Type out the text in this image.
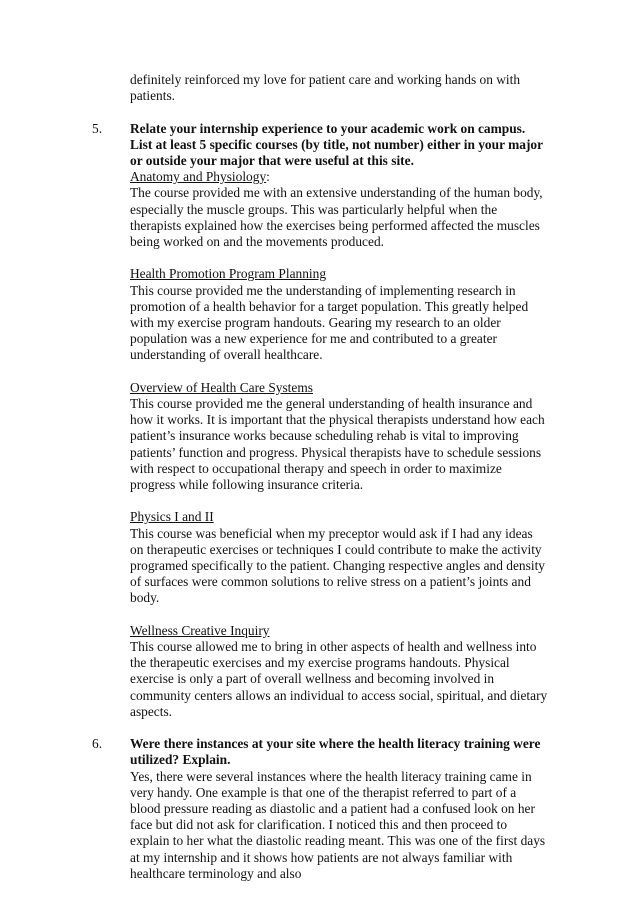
definitely reinforced my love for patient care and working hands on with patients.

5.	Relate your internship experience to your academic work on campus. List at least 5 specific courses (by title, not number) either in your major or outside your major that were useful at this site.

Anatomy and Physiology:

The course provided me with an extensive understanding of the human body, especially the muscle groups. This was particularly helpful when the therapists explained how the exercises being performed affected the muscles being worked on and the movements produced.

Health Promotion Program Planning

This course provided me the understanding of implementing research in promotion of a health behavior for a target population. This greatly helped with my exercise program handouts. Gearing my research to an older population was a new experience for me and contributed to a greater understanding of overall healthcare.

Overview of Health Care Systems

This course provided me the general understanding of health insurance and how it works. It is important that the physical therapists understand how each patient’s insurance works because scheduling rehab is vital to improving patients’ function and progress. Physical therapists have to schedule sessions with respect to occupational therapy and speech in order to maximize progress while following insurance criteria.

Physics I and II

This course was beneficial when my preceptor would ask if I had any ideas on therapeutic exercises or techniques I could contribute to make the activity programed specifically to the patient. Changing respective angles and density of surfaces were common solutions to relive stress on a patient’s joints and body.

Wellness Creative Inquiry

This course allowed me to bring in other aspects of health and wellness into the therapeutic exercises and my exercise programs handouts. Physical exercise is only a part of overall wellness and becoming involved in community centers allows an individual to access social, spiritual, and dietary aspects.

6.	Were there instances at your site where the health literacy training were utilized? Explain.

Yes, there were several instances where the health literacy training came in very handy. One example is that one of the therapist referred to part of a blood pressure reading as diastolic and a patient had a confused look on her face but did not ask for clarification. I noticed this and then proceed to explain to her what the diastolic reading meant. This was one of the first days at my internship and it shows how patients are not always familiar with healthcare terminology and also
